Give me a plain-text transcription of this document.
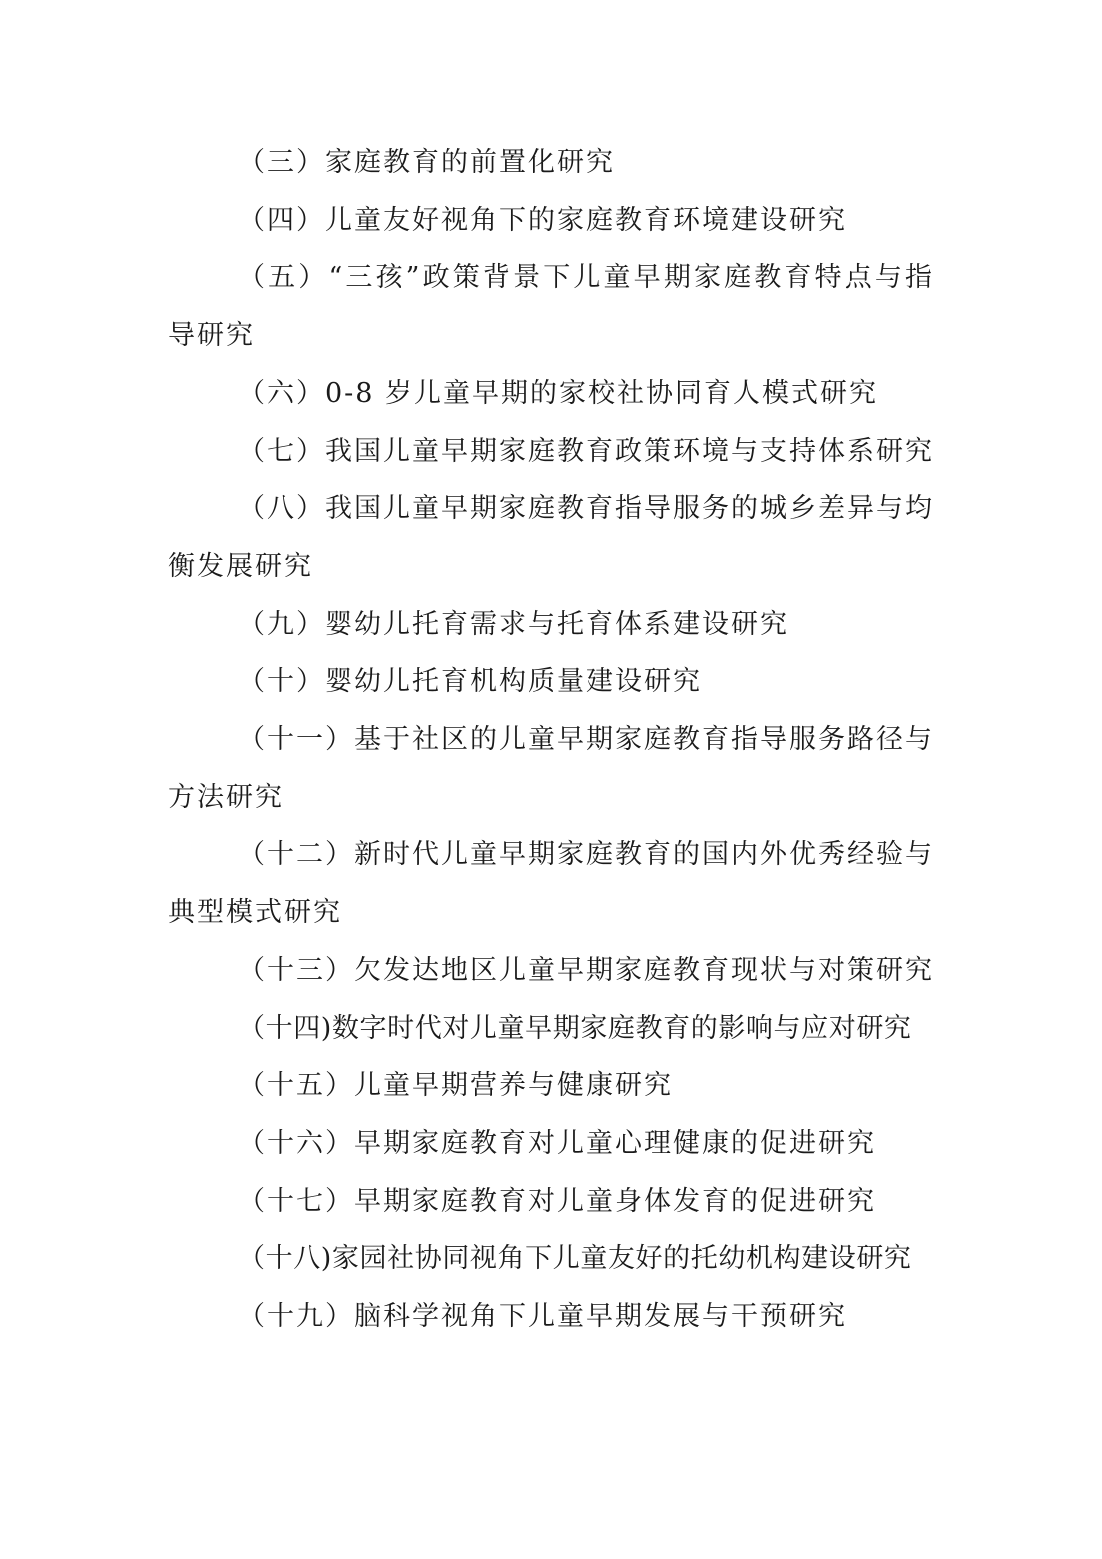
（三）家庭教育的前置化研究

（四）儿童友好视角下的家庭教育环境建设研究

（五）“三孩”政策背景下儿童早期家庭教育特点与指导研究

（六）0-8 岁儿童早期的家校社协同育人模式研究

（七）我国儿童早期家庭教育政策环境与支持体系研究

（八）我国儿童早期家庭教育指导服务的城乡差异与均衡发展研究

（九）婴幼儿托育需求与托育体系建设研究

（十）婴幼儿托育机构质量建设研究

（十一）基于社区的儿童早期家庭教育指导服务路径与方法研究

（十二）新时代儿童早期家庭教育的国内外优秀经验与典型模式研究

（十三）欠发达地区儿童早期家庭教育现状与对策研究

（十四)数字时代对儿童早期家庭教育的影响与应对研究

（十五）儿童早期营养与健康研究

（十六）早期家庭教育对儿童心理健康的促进研究

（十七）早期家庭教育对儿童身体发育的促进研究

（十八)家园社协同视角下儿童友好的托幼机构建设研究

（十九）脑科学视角下儿童早期发展与干预研究
